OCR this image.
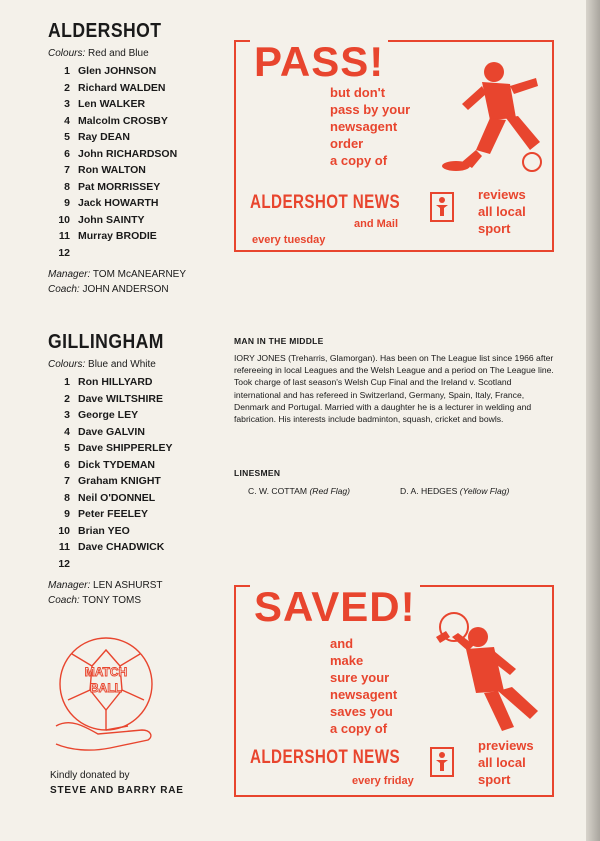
ALDERSHOT
Colours: Red and Blue
1 Glen JOHNSON
2 Richard WALDEN
3 Len WALKER
4 Malcolm CROSBY
5 Ray DEAN
6 John RICHARDSON
7 Ron WALTON
8 Pat MORRISSEY
9 Jack HOWARTH
10 John SAINTY
11 Murray BRODIE
12
Manager: TOM McANEARNEY
Coach: JOHN ANDERSON
GILLINGHAM
Colours: Blue and White
1 Ron HILLYARD
2 Dave WILTSHIRE
3 George LEY
4 Dave GALVIN
5 Dave SHIPPERLEY
6 Dick TYDEMAN
7 Graham KNIGHT
8 Neil O'DONNEL
9 Peter FEELEY
10 Brian YEO
11 Dave CHADWICK
12
Manager: LEN ASHURST
Coach: TONY TOMS
PASS!
but don't
pass by your
newsagent
order
a copy of
ALDERSHOT NEWS
and Mail
every tuesday
reviews
all local
sport
MAN IN THE MIDDLE
IORY JONES (Treharris, Glamorgan). Has been on The League list since 1966 after refereeing in local Leagues and the Welsh League and a period on The League line. Took charge of last season's Welsh Cup Final and the Ireland v. Scotland international and has refereed in Switzerland, Germany, Spain, Italy, France, Denmark and Portugal. Married with a daughter he is a lecturer in welding and fabrication. His interests include badminton, squash, cricket and bowls.
LINESMEN
C. W. COTTAM (Red Flag)	D. A. HEDGES (Yellow Flag)
SAVED!
and
make
sure your
newsagent
saves you
a copy of
ALDERSHOT NEWS
every friday
previews
all local
sport
MATCH
BALL
Kindly donated by
STEVE AND BARRY RAE
